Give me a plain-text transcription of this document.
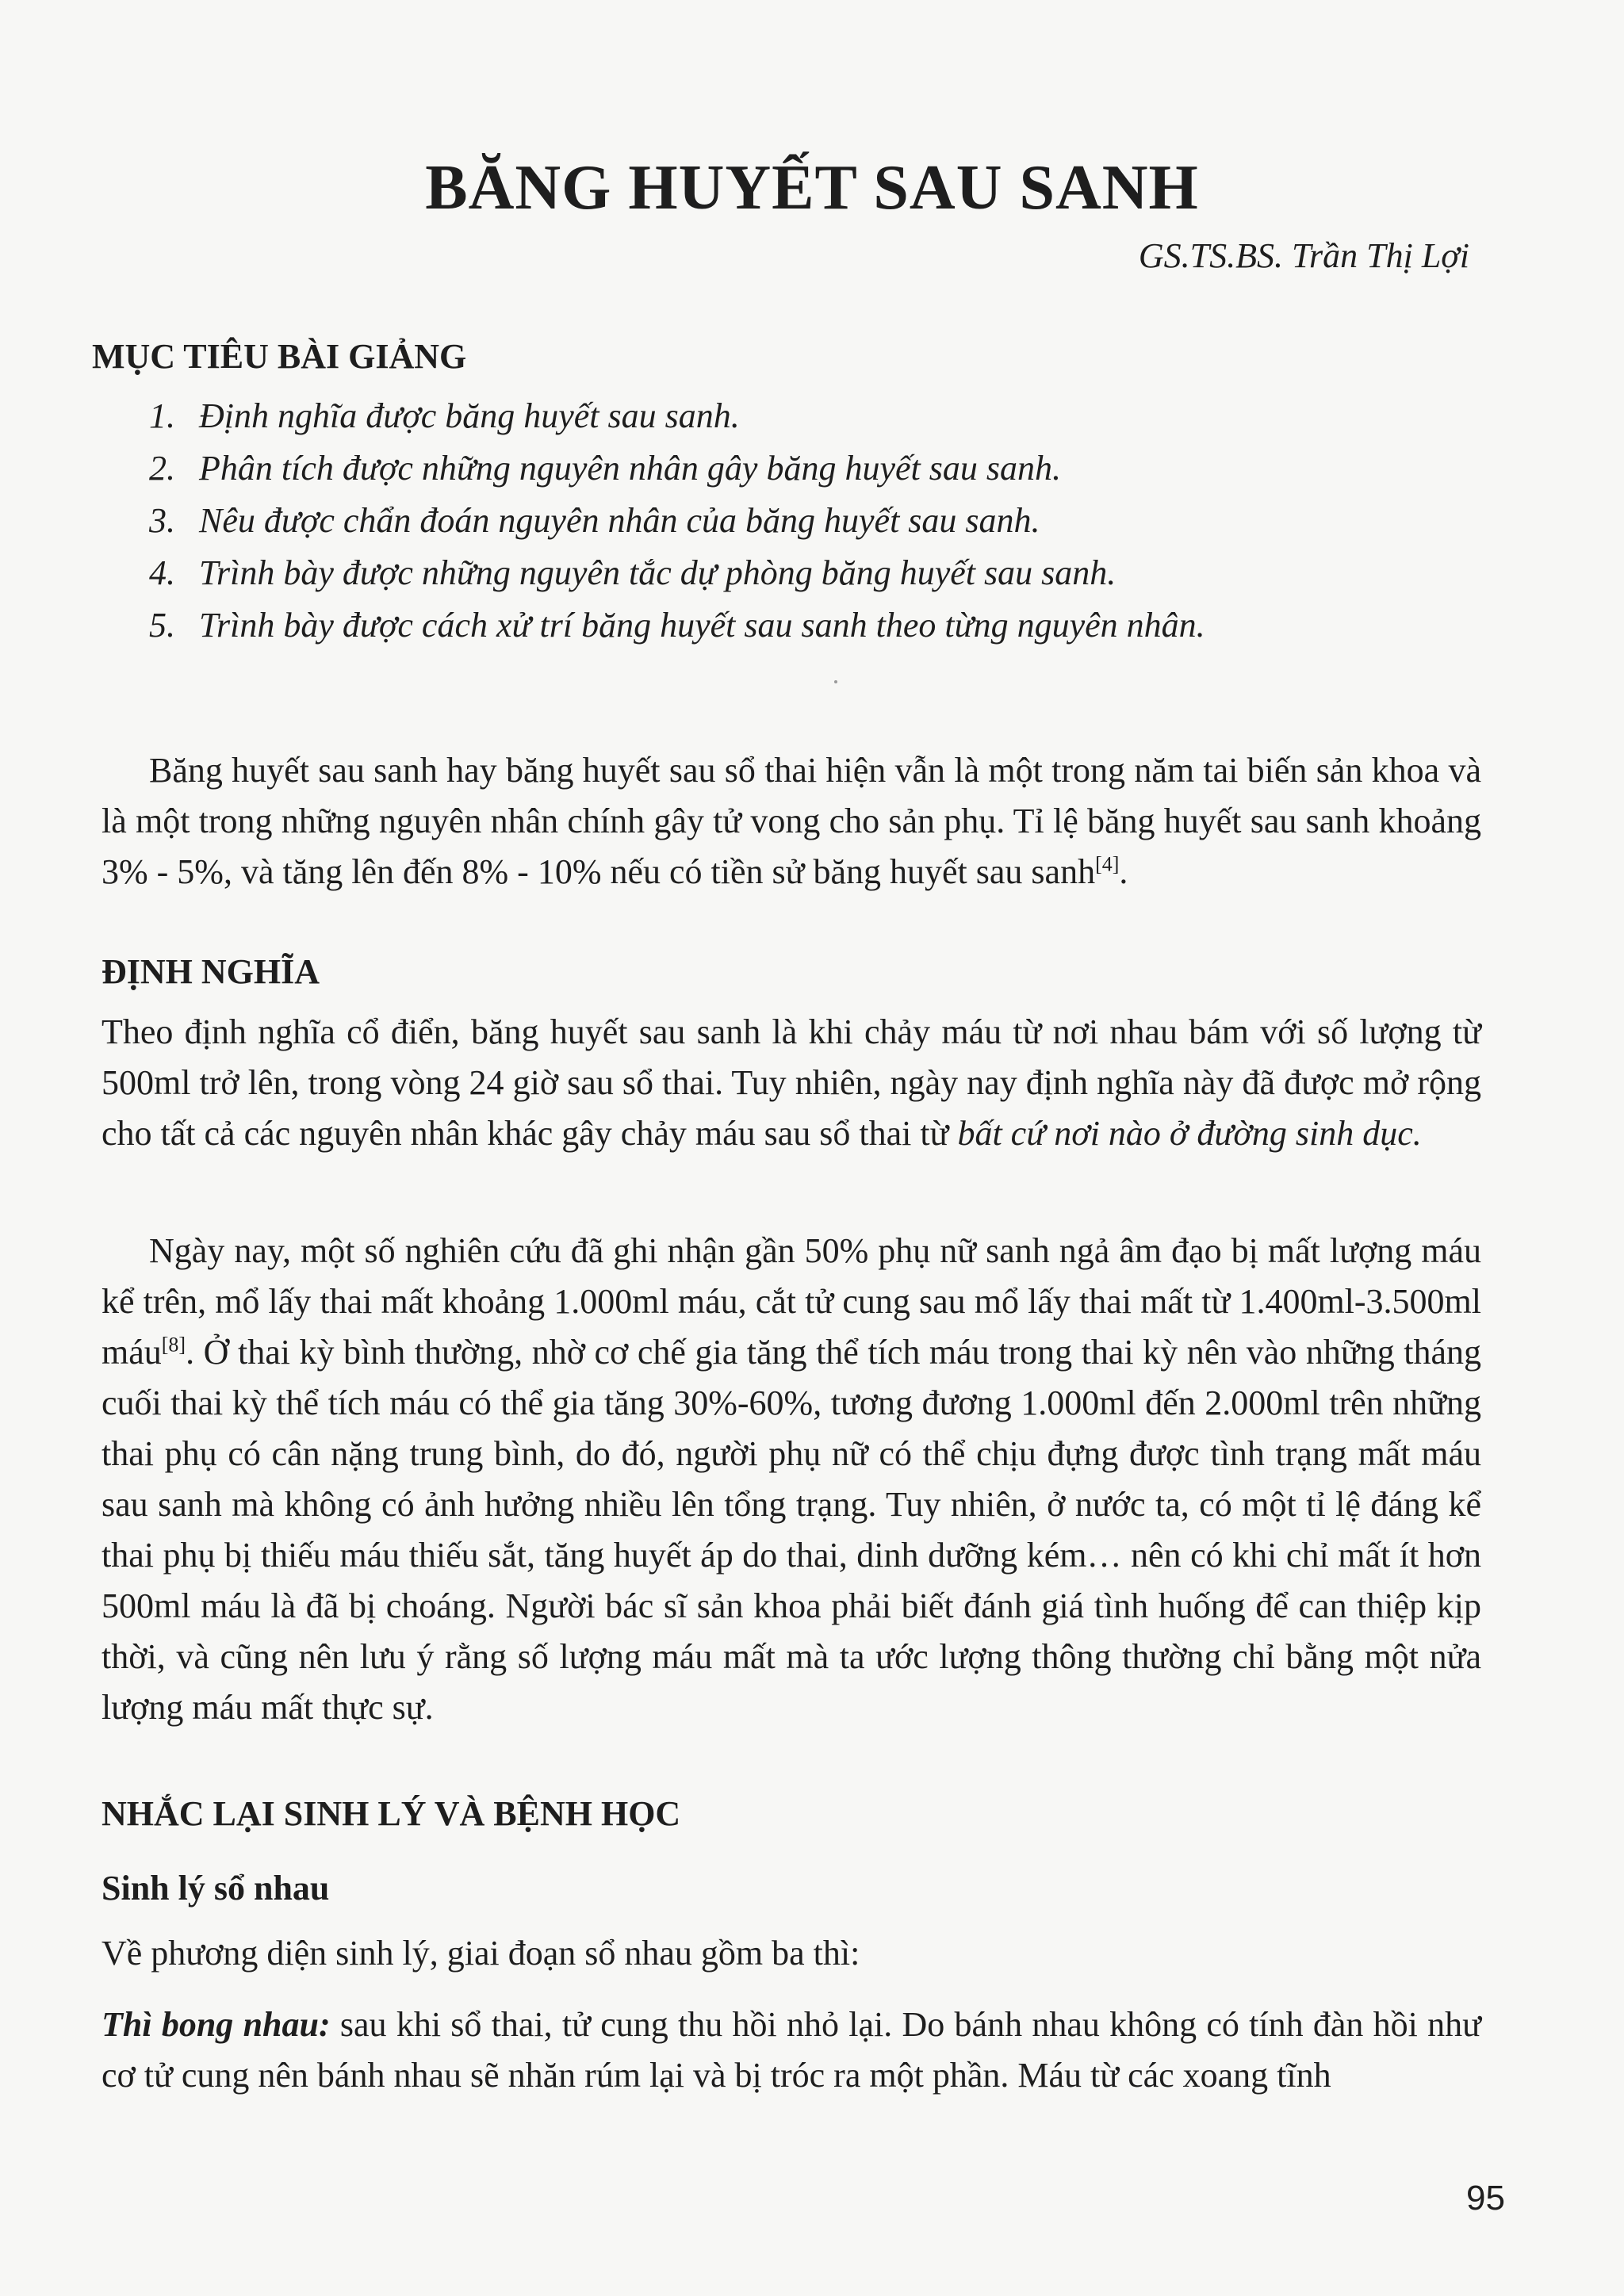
BĂNG HUYẾT SAU SANH
GS.TS.BS. Trần Thị Lợi
MỤC TIÊU BÀI GIẢNG
1. Định nghĩa được băng huyết sau sanh.
2. Phân tích được những nguyên nhân gây băng huyết sau sanh.
3. Nêu được chẩn đoán nguyên nhân của băng huyết sau sanh.
4. Trình bày được những nguyên tắc dự phòng băng huyết sau sanh.
5. Trình bày được cách xử trí băng huyết sau sanh theo từng nguyên nhân.

Băng huyết sau sanh hay băng huyết sau sổ thai hiện vẫn là một trong năm tai biến sản khoa và là một trong những nguyên nhân chính gây tử vong cho sản phụ. Tỉ lệ băng huyết sau sanh khoảng 3% - 5%, và tăng lên đến 8% - 10% nếu có tiền sử băng huyết sau sanh[4].

ĐỊNH NGHĨA

Theo định nghĩa cổ điển, băng huyết sau sanh là khi chảy máu từ nơi nhau bám với số lượng từ 500ml trở lên, trong vòng 24 giờ sau sổ thai. Tuy nhiên, ngày nay định nghĩa này đã được mở rộng cho tất cả các nguyên nhân khác gây chảy máu sau sổ thai từ bất cứ nơi nào ở đường sinh dục.

Ngày nay, một số nghiên cứu đã ghi nhận gần 50% phụ nữ sanh ngả âm đạo bị mất lượng máu kể trên, mổ lấy thai mất khoảng 1.000ml máu, cắt tử cung sau mổ lấy thai mất từ 1.400ml-3.500ml máu[8]. Ở thai kỳ bình thường, nhờ cơ chế gia tăng thể tích máu trong thai kỳ nên vào những tháng cuối thai kỳ thể tích máu có thể gia tăng 30%-60%, tương đương 1.000ml đến 2.000ml trên những thai phụ có cân nặng trung bình, do đó, người phụ nữ có thể chịu đựng được tình trạng mất máu sau sanh mà không có ảnh hưởng nhiều lên tổng trạng. Tuy nhiên, ở nước ta, có một tỉ lệ đáng kể thai phụ bị thiếu máu thiếu sắt, tăng huyết áp do thai, dinh dưỡng kém… nên có khi chỉ mất ít hơn 500ml máu là đã bị choáng. Người bác sĩ sản khoa phải biết đánh giá tình huống để can thiệp kịp thời, và cũng nên lưu ý rằng số lượng máu mất mà ta ước lượng thông thường chỉ bằng một nửa lượng máu mất thực sự.

NHẮC LẠI SINH LÝ VÀ BỆNH HỌC
Sinh lý sổ nhau

Về phương diện sinh lý, giai đoạn sổ nhau gồm ba thì:

Thì bong nhau: sau khi sổ thai, tử cung thu hồi nhỏ lại. Do bánh nhau không có tính đàn hồi như cơ tử cung nên bánh nhau sẽ nhăn rúm lại và bị tróc ra một phần. Máu từ các xoang tĩnh

95
